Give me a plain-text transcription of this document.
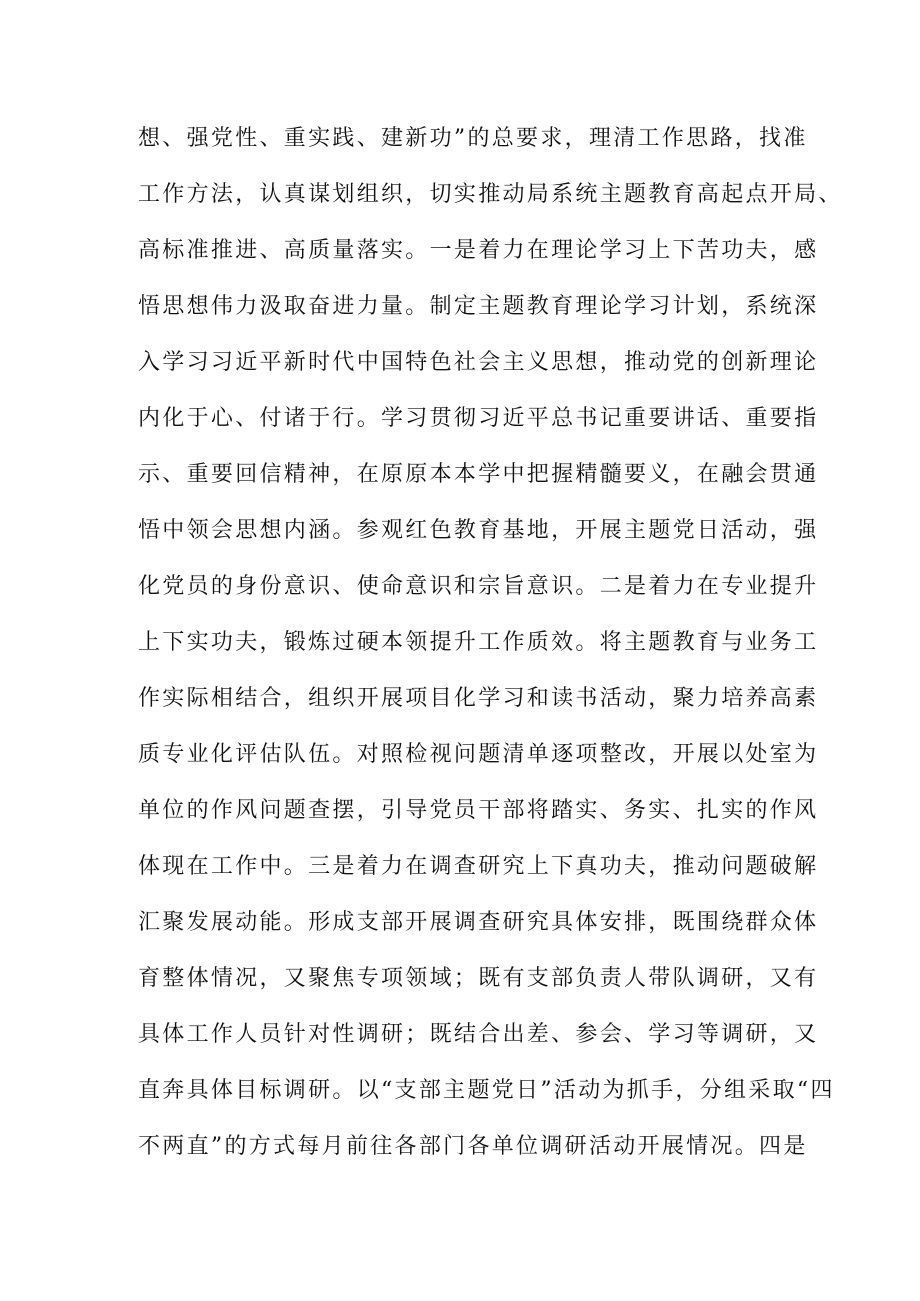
想、强党性、重实践、建新功”的总要求，理清工作思路，找准
工作方法，认真谋划组织，切实推动局系统主题教育高起点开局、
高标准推进、高质量落实。一是着力在理论学习上下苦功夫，感
悟思想伟力汲取奋进力量。制定主题教育理论学习计划，系统深
入学习习近平新时代中国特色社会主义思想，推动党的创新理论
内化于心、付诸于行。学习贯彻习近平总书记重要讲话、重要指
示、重要回信精神，在原原本本学中把握精髓要义，在融会贯通
悟中领会思想内涵。参观红色教育基地，开展主题党日活动，强
化党员的身份意识、使命意识和宗旨意识。二是着力在专业提升
上下实功夫，锻炼过硬本领提升工作质效。将主题教育与业务工
作实际相结合，组织开展项目化学习和读书活动，聚力培养高素
质专业化评估队伍。对照检视问题清单逐项整改，开展以处室为
单位的作风问题查摆，引导党员干部将踏实、务实、扎实的作风
体现在工作中。三是着力在调查研究上下真功夫，推动问题破解
汇聚发展动能。形成支部开展调查研究具体安排，既围绕群众体
育整体情况，又聚焦专项领域；既有支部负责人带队调研，又有
具体工作人员针对性调研；既结合出差、参会、学习等调研，又
直奔具体目标调研。以“支部主题党日”活动为抓手，分组采取“四
不两直”的方式每月前往各部门各单位调研活动开展情况。四是
